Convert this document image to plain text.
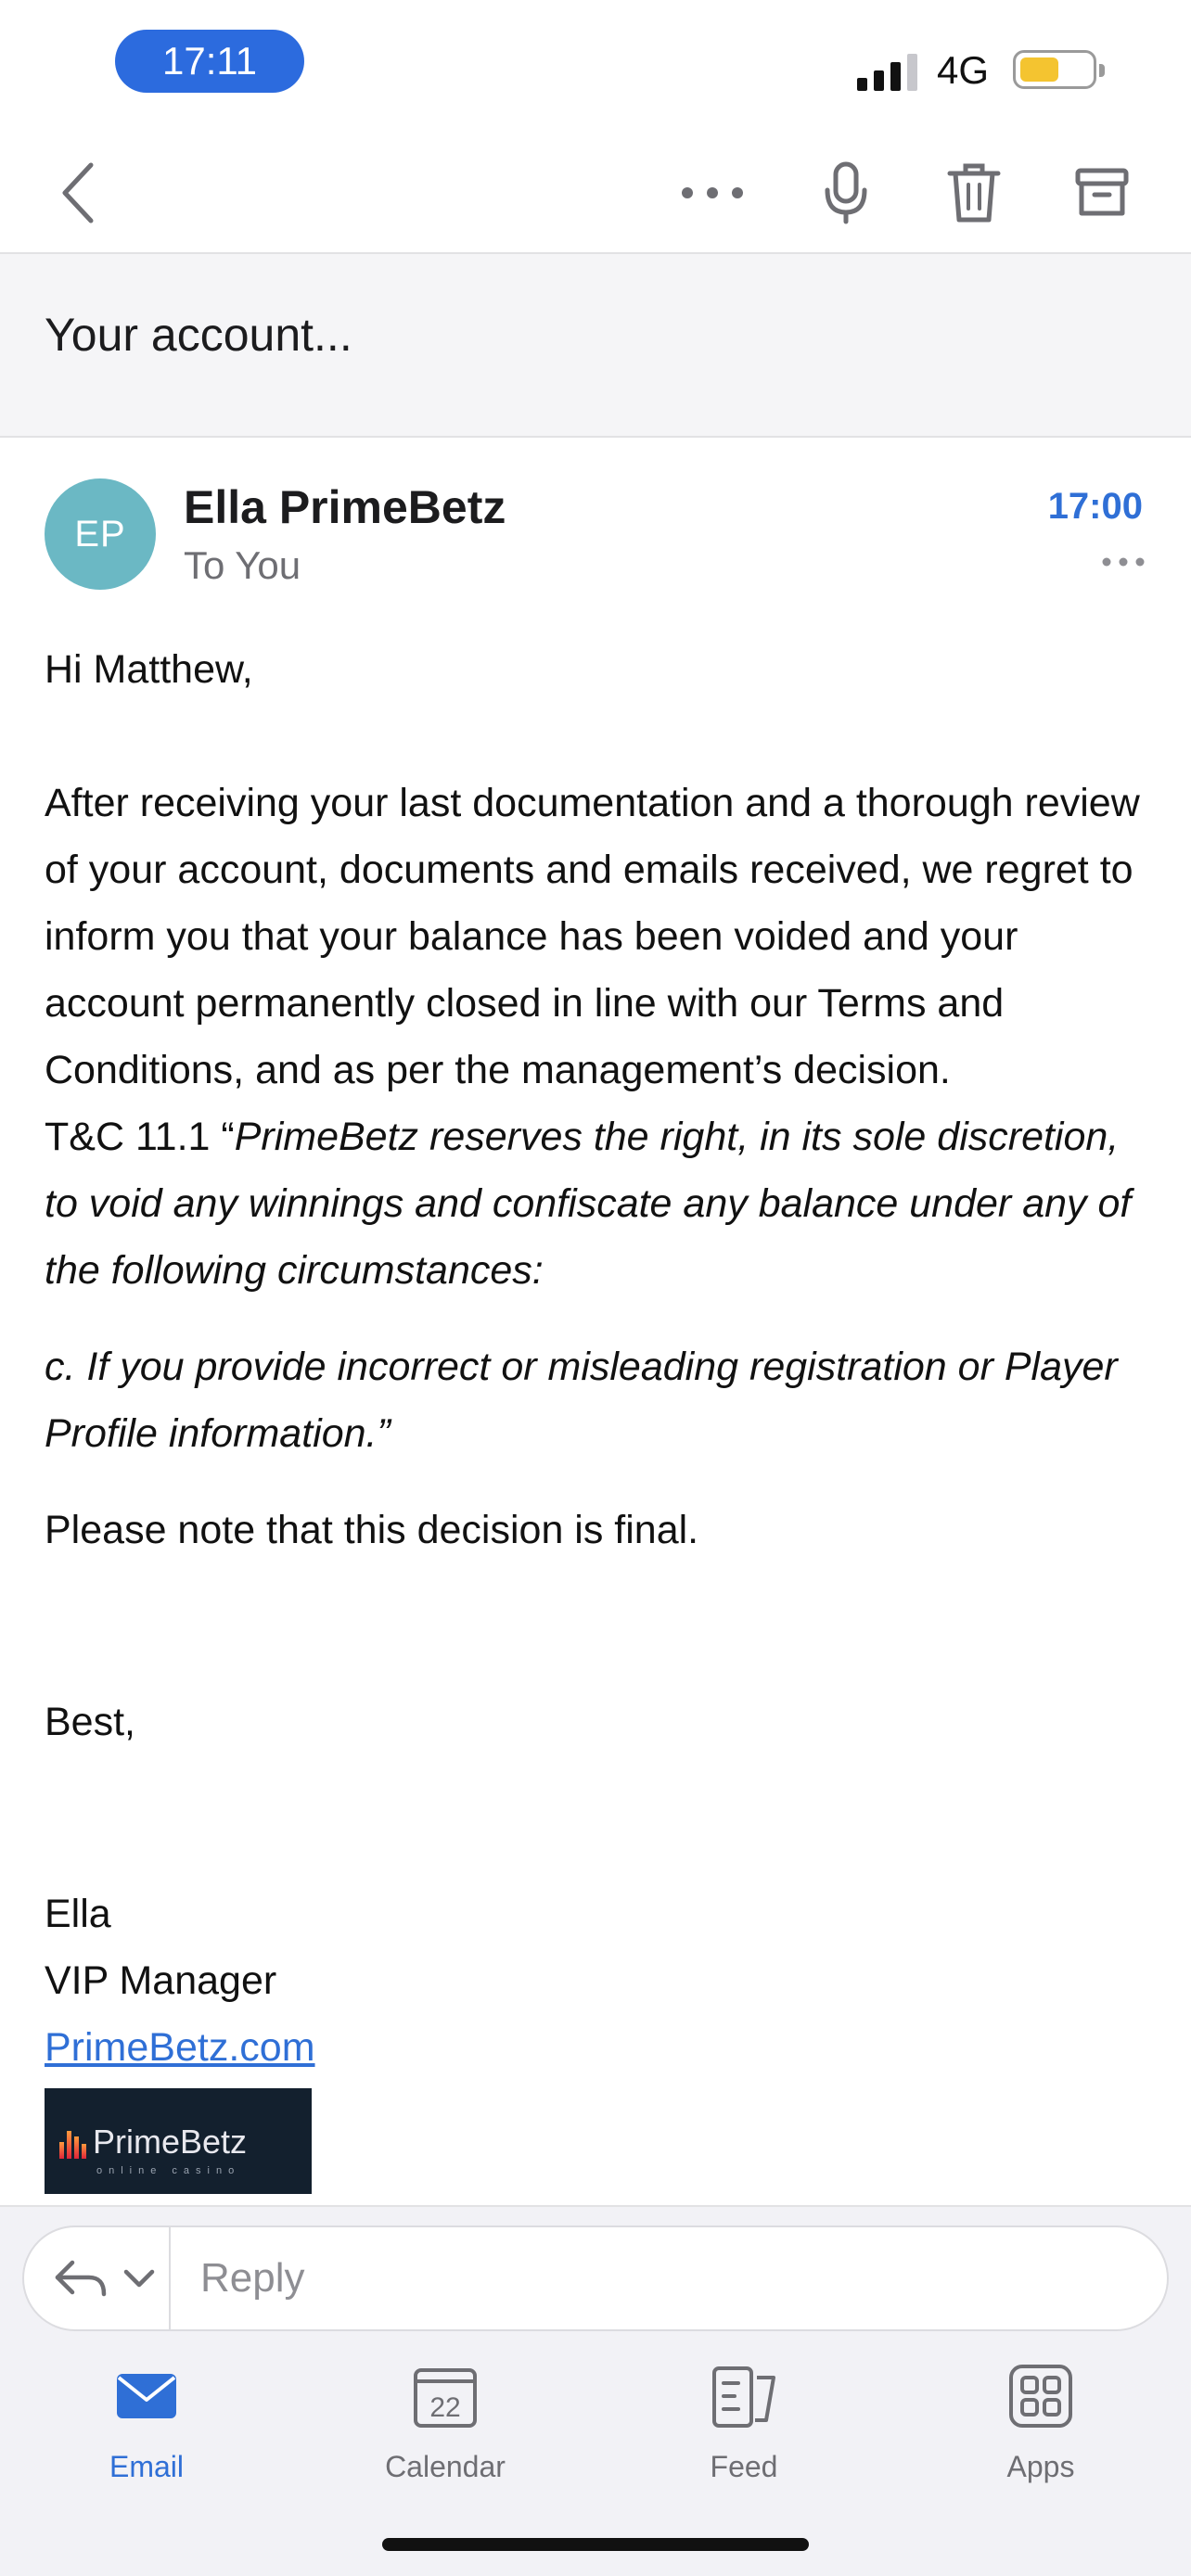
17:11	4G
Your account...
EP
Ella PrimeBetz
To You
17:00

Hi Matthew,

After receiving your last documentation and a thorough review of your account, documents and emails received, we regret to inform you that your balance has been voided and your account permanently closed in line with our Terms and Conditions, and as per the management’s decision.
T&C 11.1 “PrimeBetz reserves the right, in its sole discretion, to void any winnings and confiscate any balance under any of the following circumstances:

c. If you provide incorrect or misleading registration or Player Profile information.”

Please note that this decision is final.

Best,

Ella

VIP Manager

PrimeBetz.com

PrimeBetz
online casino
Reply
Email
22
Calendar	Feed	Apps
